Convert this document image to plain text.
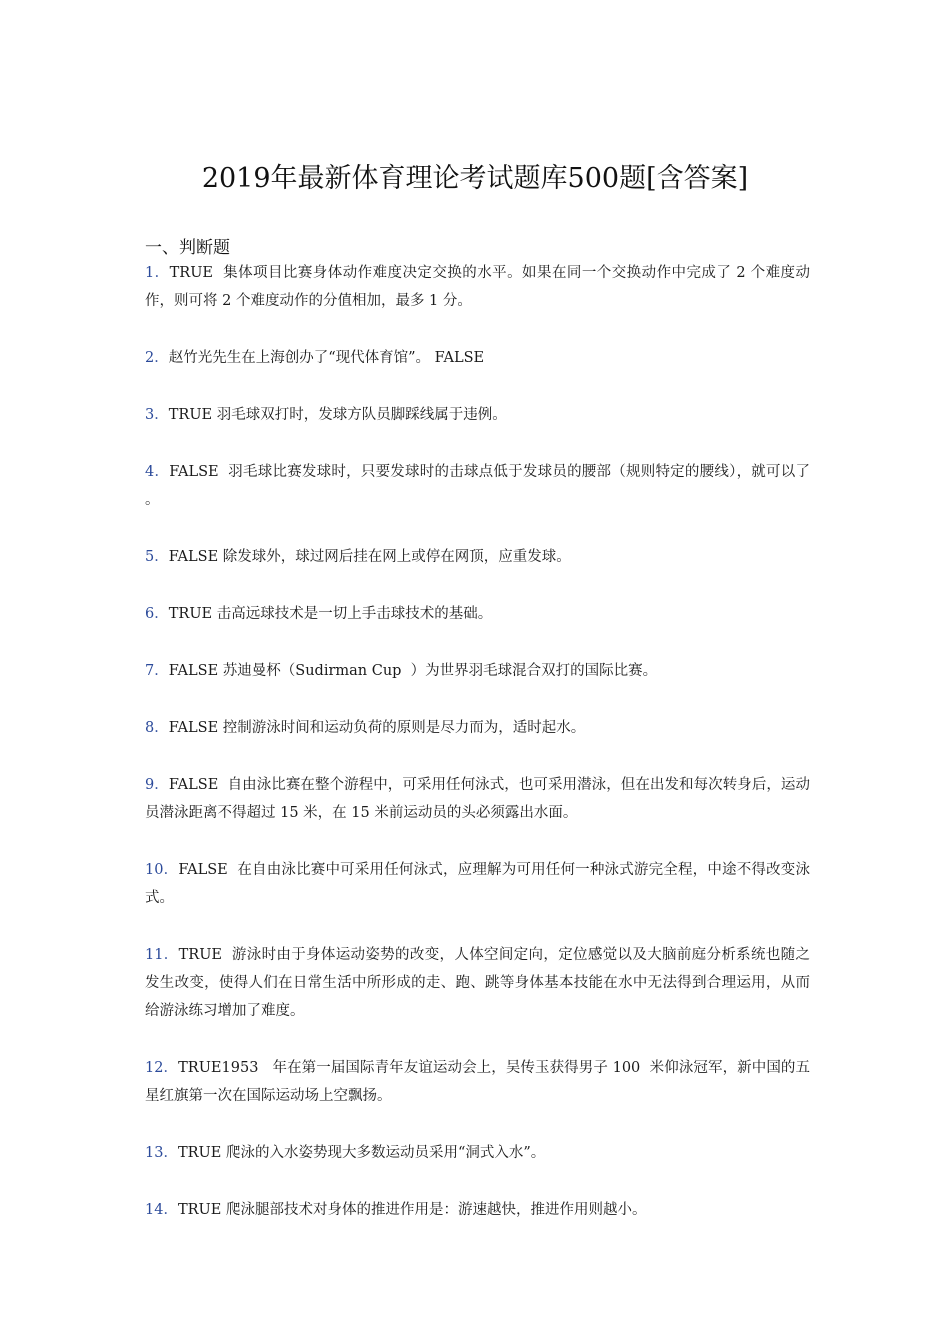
2019年最新体育理论考试题库500题[含答案]
一、判断题

1．TRUE  集体项目比赛身体动作难度决定交换的水平。如果在同一个交换动作中完成了 2 个难度动作，则可将 2 个难度动作的分值相加，最多 1 分。

2．赵竹光先生在上海创办了“现代体育馆”。 FALSE

3．TRUE 羽毛球双打时，发球方队员脚踩线属于违例。

4．FALSE  羽毛球比赛发球时，只要发球时的击球点低于发球员的腰部（规则特定的腰线），就可以了 。

5．FALSE 除发球外，球过网后挂在网上或停在网顶，应重发球。

6．TRUE 击高远球技术是一切上手击球技术的基础。

7．FALSE 苏迪曼杯（Sudirman Cup  ）为世界羽毛球混合双打的国际比赛。

8．FALSE 控制游泳时间和运动负荷的原则是尽力而为，适时起水。

9．FALSE  自由泳比赛在整个游程中，可采用任何泳式，也可采用潜泳，但在出发和每次转身后，运动员潜泳距离不得超过 15 米，在 15 米前运动员的头必须露出水面。

10．FALSE  在自由泳比赛中可采用任何泳式，应理解为可用任何一种泳式游完全程，中途不得改变泳式。

11．TRUE  游泳时由于身体运动姿势的改变，人体空间定向，定位感觉以及大脑前庭分析系统也随之发生改变，使得人们在日常生活中所形成的走、跑、跳等身体基本技能在水中无法得到合理运用，从而给游泳练习增加了难度。

12．TRUE1953   年在第一届国际青年友谊运动会上，吴传玉获得男子 100  米仰泳冠军，新中国的五星红旗第一次在国际运动场上空飘扬。

13．TRUE 爬泳的入水姿势现大多数运动员采用“洞式入水”。

14．TRUE 爬泳腿部技术对身体的推进作用是：游速越快，推进作用则越小。
